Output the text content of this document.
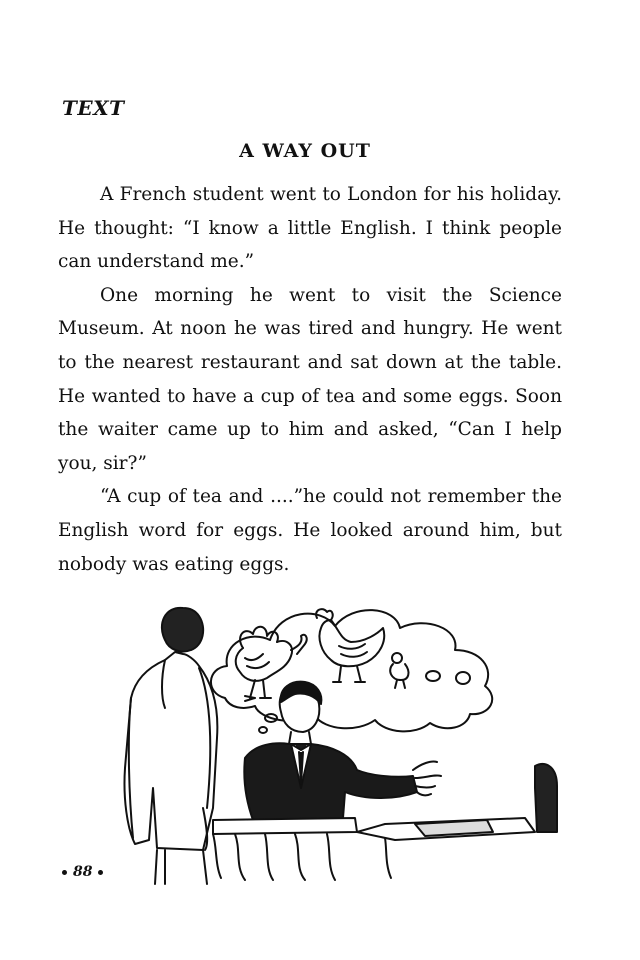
TEXT
A WAY OUT

A French student went to London for his holiday. He thought: “I know a little English. I think people can understand me.”

One morning he went to visit the Science Museum. At noon he was tired and hungry. He went to the nearest restaurant and sat down at the table. He wanted to have a cup of tea and some eggs. Soon the waiter came up to him and asked, “Can I help you, sir?”

“A cup of tea and ....”he could not remember the English word for eggs. He looked around him, but nobody was eating eggs.

88
